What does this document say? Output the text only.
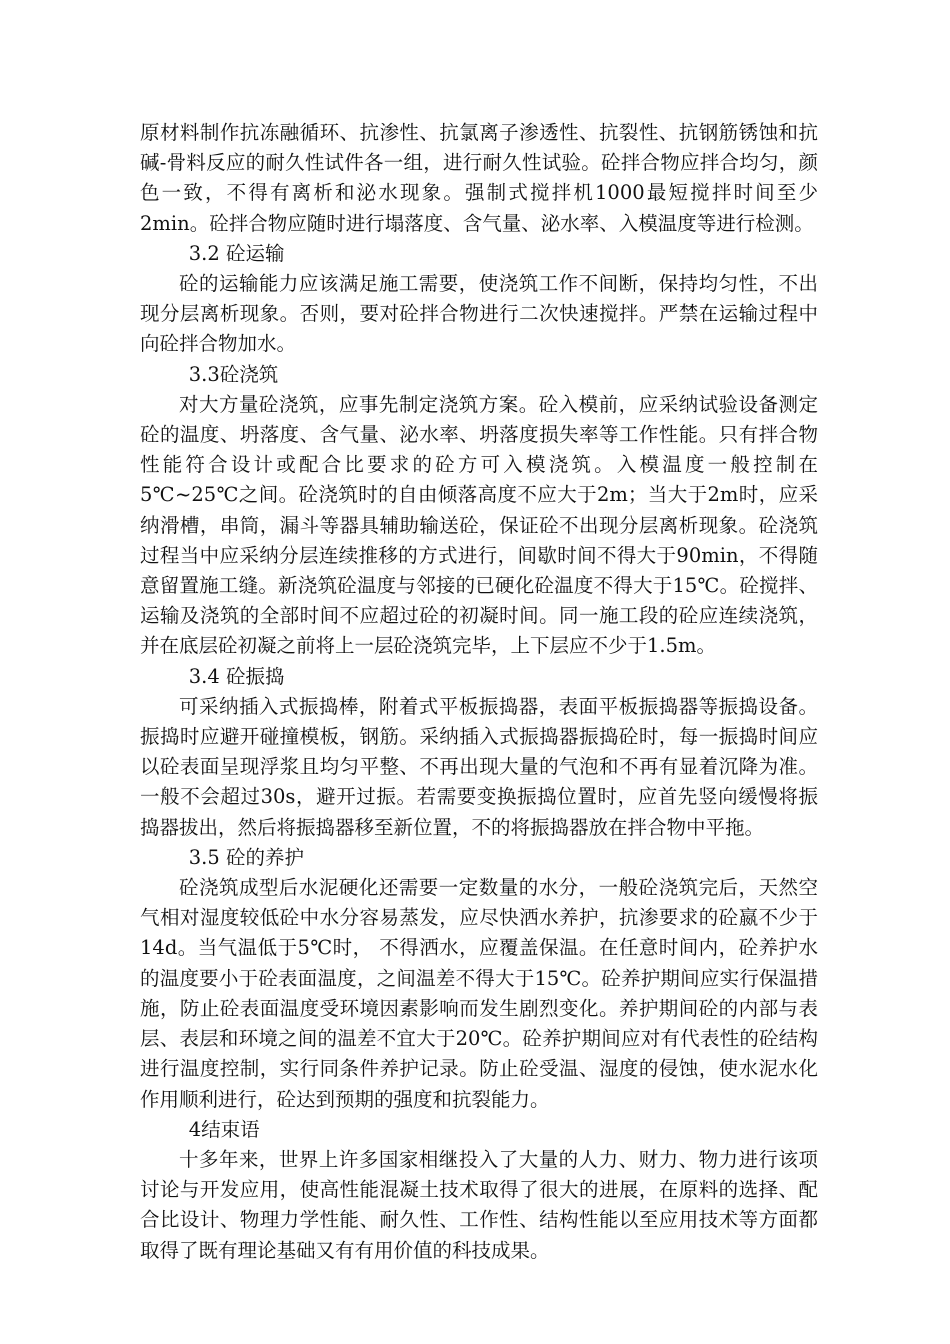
原材料制作抗冻融循环、抗渗性、抗氯离子渗透性、抗裂性、抗钢筋锈蚀和抗碱-骨料反应的耐久性试件各一组，进行耐久性试验。砼拌合物应拌合均匀，颜色一致，不得有离析和泌水现象。强制式搅拌机1000最短搅拌时间至少2min。砼拌合物应随时进行塌落度、含气量、泌水率、入模温度等进行检测。

3.2 砼运输

砼的运输能力应该满足施工需要，使浇筑工作不间断，保持均匀性，不出现分层离析现象。否则，要对砼拌合物进行二次快速搅拌。严禁在运输过程中向砼拌合物加水。

3.3砼浇筑

对大方量砼浇筑，应事先制定浇筑方案。砼入模前，应采纳试验设备测定砼的温度、坍落度、含气量、泌水率、坍落度损失率等工作性能。只有拌合物性能符合设计或配合比要求的砼方可入模浇筑。入模温度一般控制在5℃~25℃之间。砼浇筑时的自由倾落高度不应大于2m；当大于2m时，应采纳滑槽，串筒，漏斗等器具辅助输送砼，保证砼不出现分层离析现象。砼浇筑过程当中应采纳分层连续推移的方式进行，间歇时间不得大于90min，不得随意留置施工缝。新浇筑砼温度与邻接的已硬化砼温度不得大于15℃。砼搅拌、运输及浇筑的全部时间不应超过砼的初凝时间。同一施工段的砼应连续浇筑，并在底层砼初凝之前将上一层砼浇筑完毕，上下层应不少于1.5m。

3.4 砼振捣

可采纳插入式振捣棒，附着式平板振捣器，表面平板振捣器等振捣设备。振捣时应避开碰撞模板，钢筋。采纳插入式振捣器振捣砼时，每一振捣时间应以砼表面呈现浮浆且均匀平整、不再出现大量的气泡和不再有显着沉降为准。一般不会超过30s，避开过振。若需要变换振捣位置时，应首先竖向缓慢将振捣器拔出，然后将振捣器移至新位置，不的将振捣器放在拌合物中平拖。

3.5 砼的养护

砼浇筑成型后水泥硬化还需要一定数量的水分，一般砼浇筑完后，天然空气相对湿度较低砼中水分容易蒸发，应尽快洒水养护，抗渗要求的砼嬴不少于14d。当气温低于5℃时， 不得洒水，应覆盖保温。在任意时间内，砼养护水的温度要小于砼表面温度，之间温差不得大于15℃。砼养护期间应实行保温措施，防止砼表面温度受环境因素影响而发生剧烈变化。养护期间砼的内部与表层、表层和环境之间的温差不宜大于20℃。砼养护期间应对有代表性的砼结构进行温度控制，实行同条件养护记录。防止砼受温、湿度的侵蚀，使水泥水化作用顺利进行，砼达到预期的强度和抗裂能力。

4结束语

十多年来，世界上许多国家相继投入了大量的人力、财力、物力进行该项讨论与开发应用，使高性能混凝土技术取得了很大的进展，在原料的选择、配合比设计、物理力学性能、耐久性、工作性、结构性能以至应用技术等方面都取得了既有理论基础又有有用价值的科技成果。
